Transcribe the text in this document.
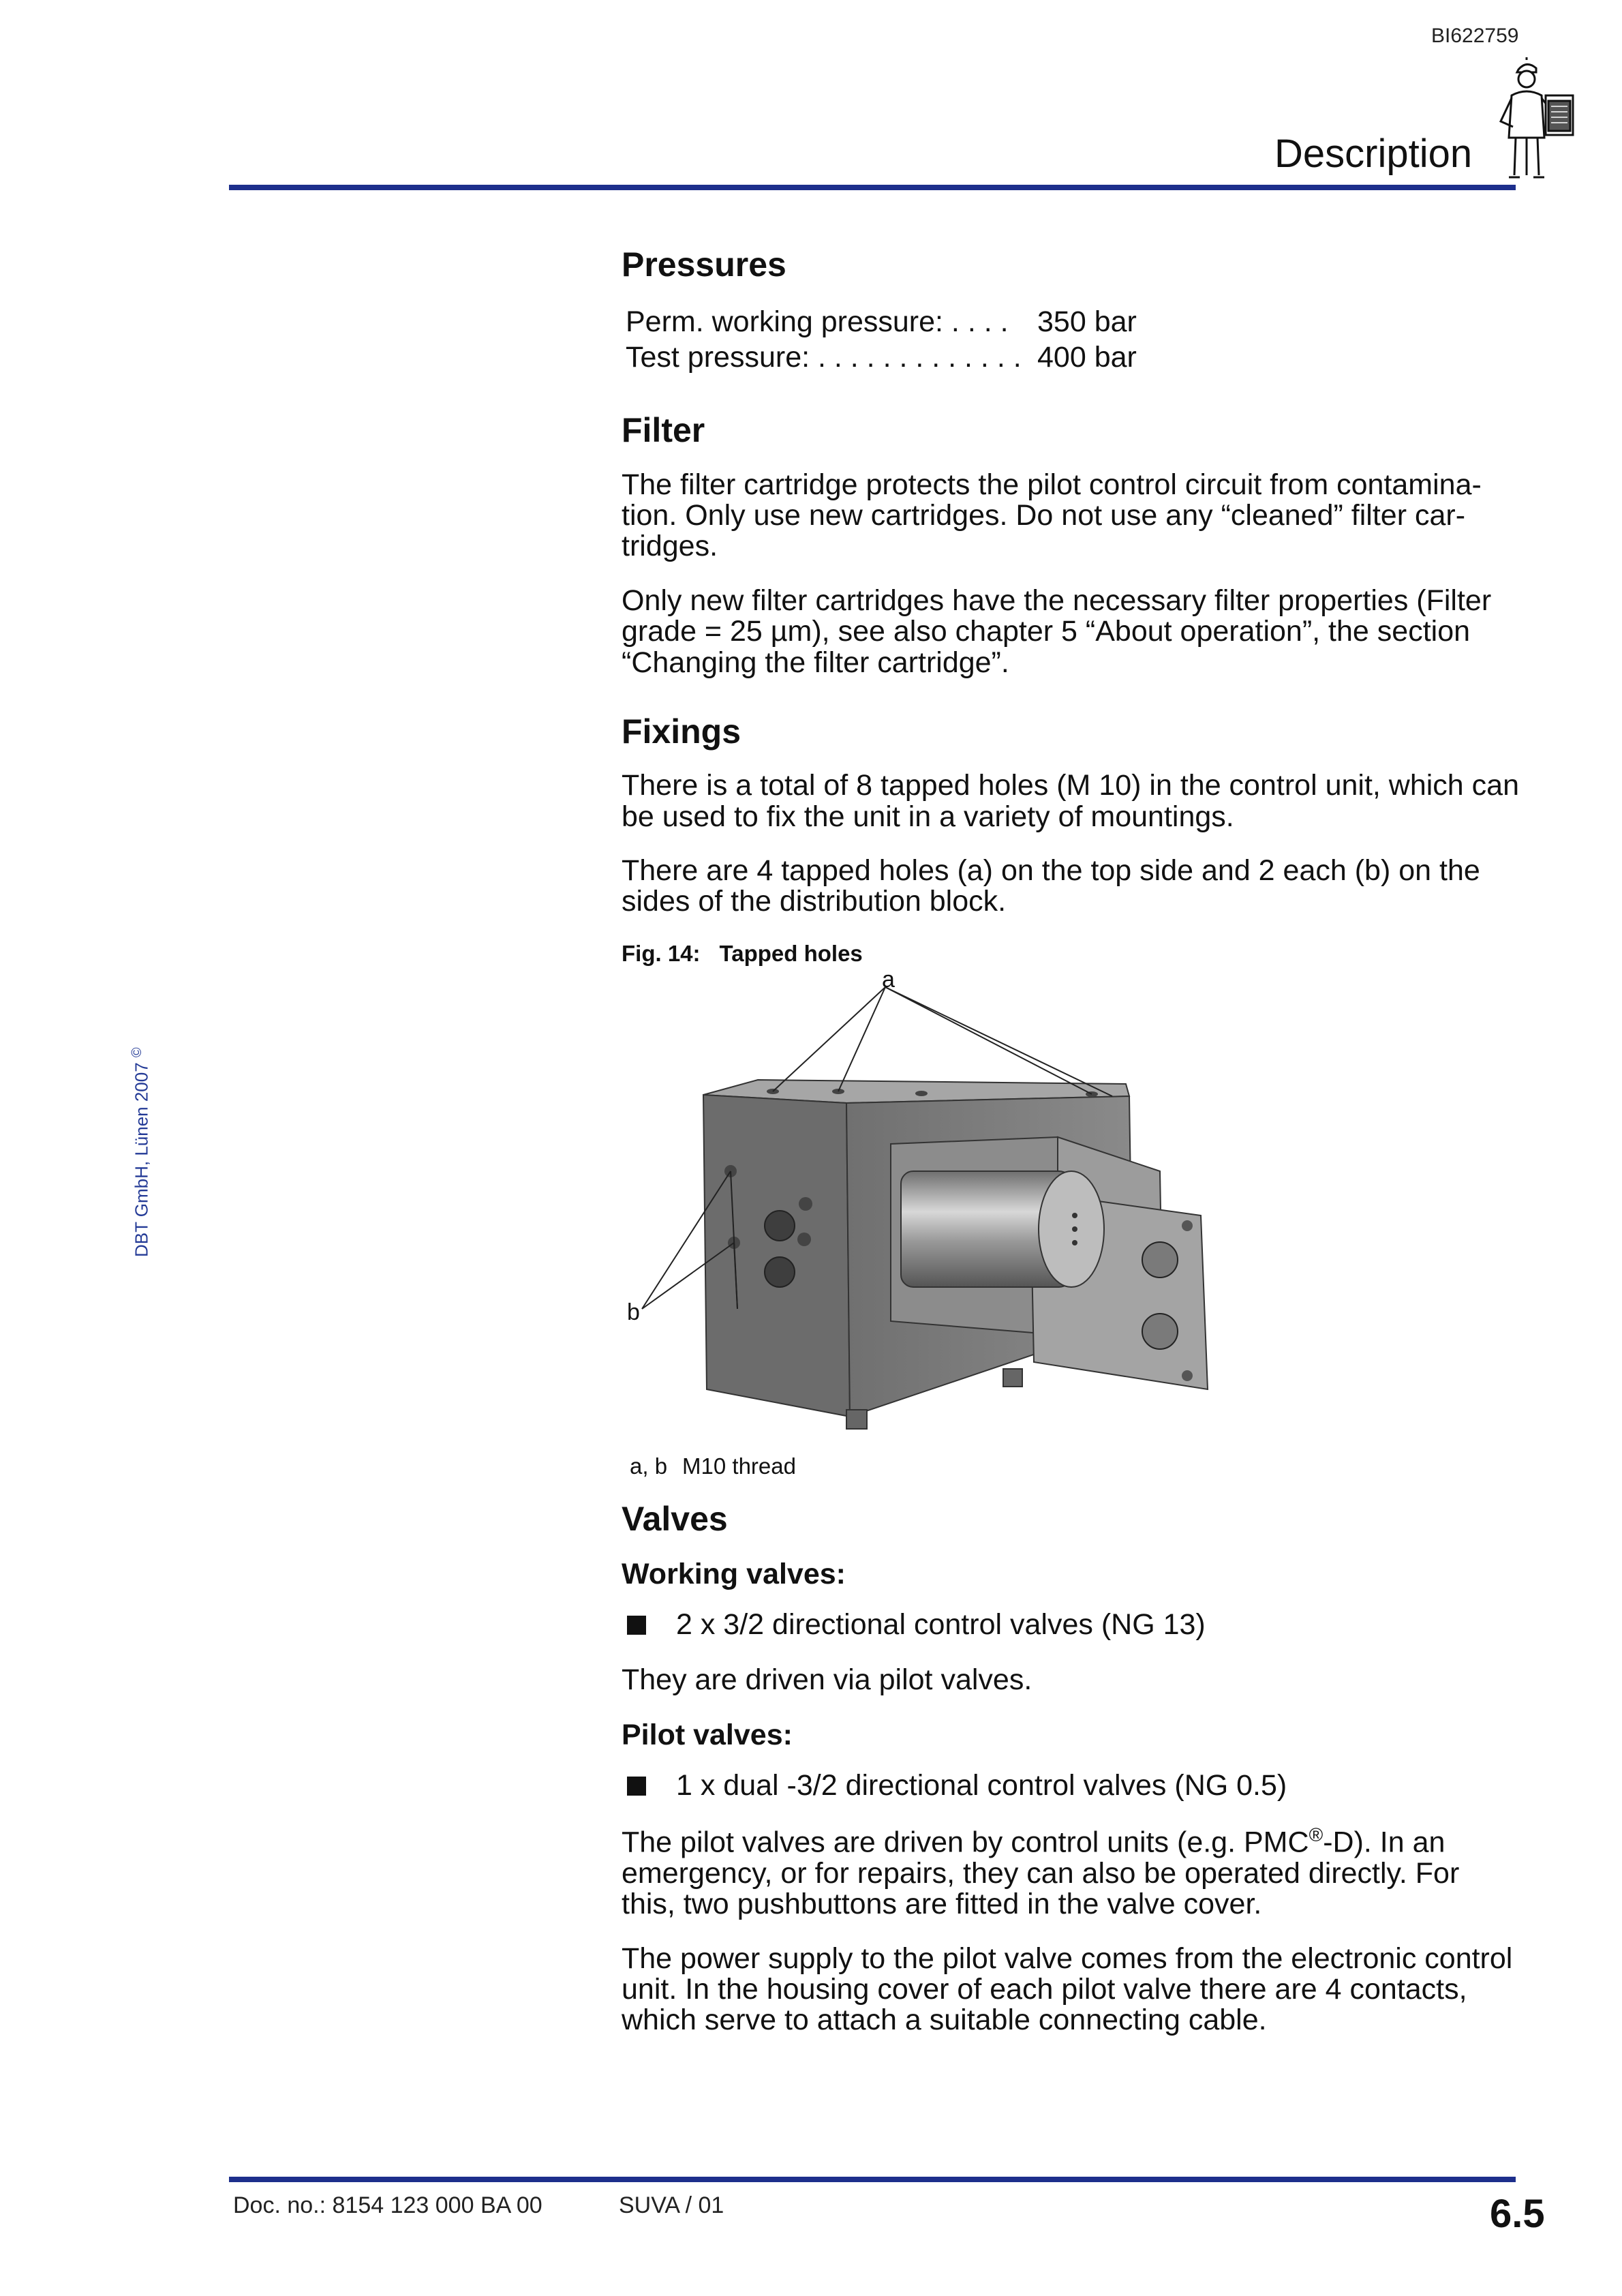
BI622759
Description
DBT GmbH, Lünen 2007 ©
Pressures
Perm. working pressure: . . . . 350 bar
Test pressure: . . . . . . . . . . . . . 400 bar
Filter

The filter cartridge protects the pilot control circuit from contamina-tion. Only use new cartridges. Do not use any “cleaned” filter car-tridges.

Only new filter cartridges have the necessary filter properties (Filter grade = 25 µm), see also chapter 5 “About operation”, the section “Changing the filter cartridge”.

Fixings

There is a total of 8 tapped holes (M 10) in the control unit, which can be used to fix the unit in a variety of mountings.

There are 4 tapped holes (a) on the top side and 2 each (b) on the sides of the distribution block.

Fig. 14: Tapped holes
a
b
a, b M10 thread
Valves
Working valves:
2 x 3/2 directional control valves (NG 13)

They are driven via pilot valves.

Pilot valves:
1 x dual -3/2 directional control valves (NG 0.5)

The pilot valves are driven by control units (e.g. PMC®-D). In an emergency, or for repairs, they can also be operated directly. For this, two pushbuttons are fitted in the valve cover.

The power supply to the pilot valve comes from the electronic control unit. In the housing cover of each pilot valve there are 4 contacts, which serve to attach a suitable connecting cable.

Doc. no.: 8154 123 000 BA 00	SUVA / 01	6.5
